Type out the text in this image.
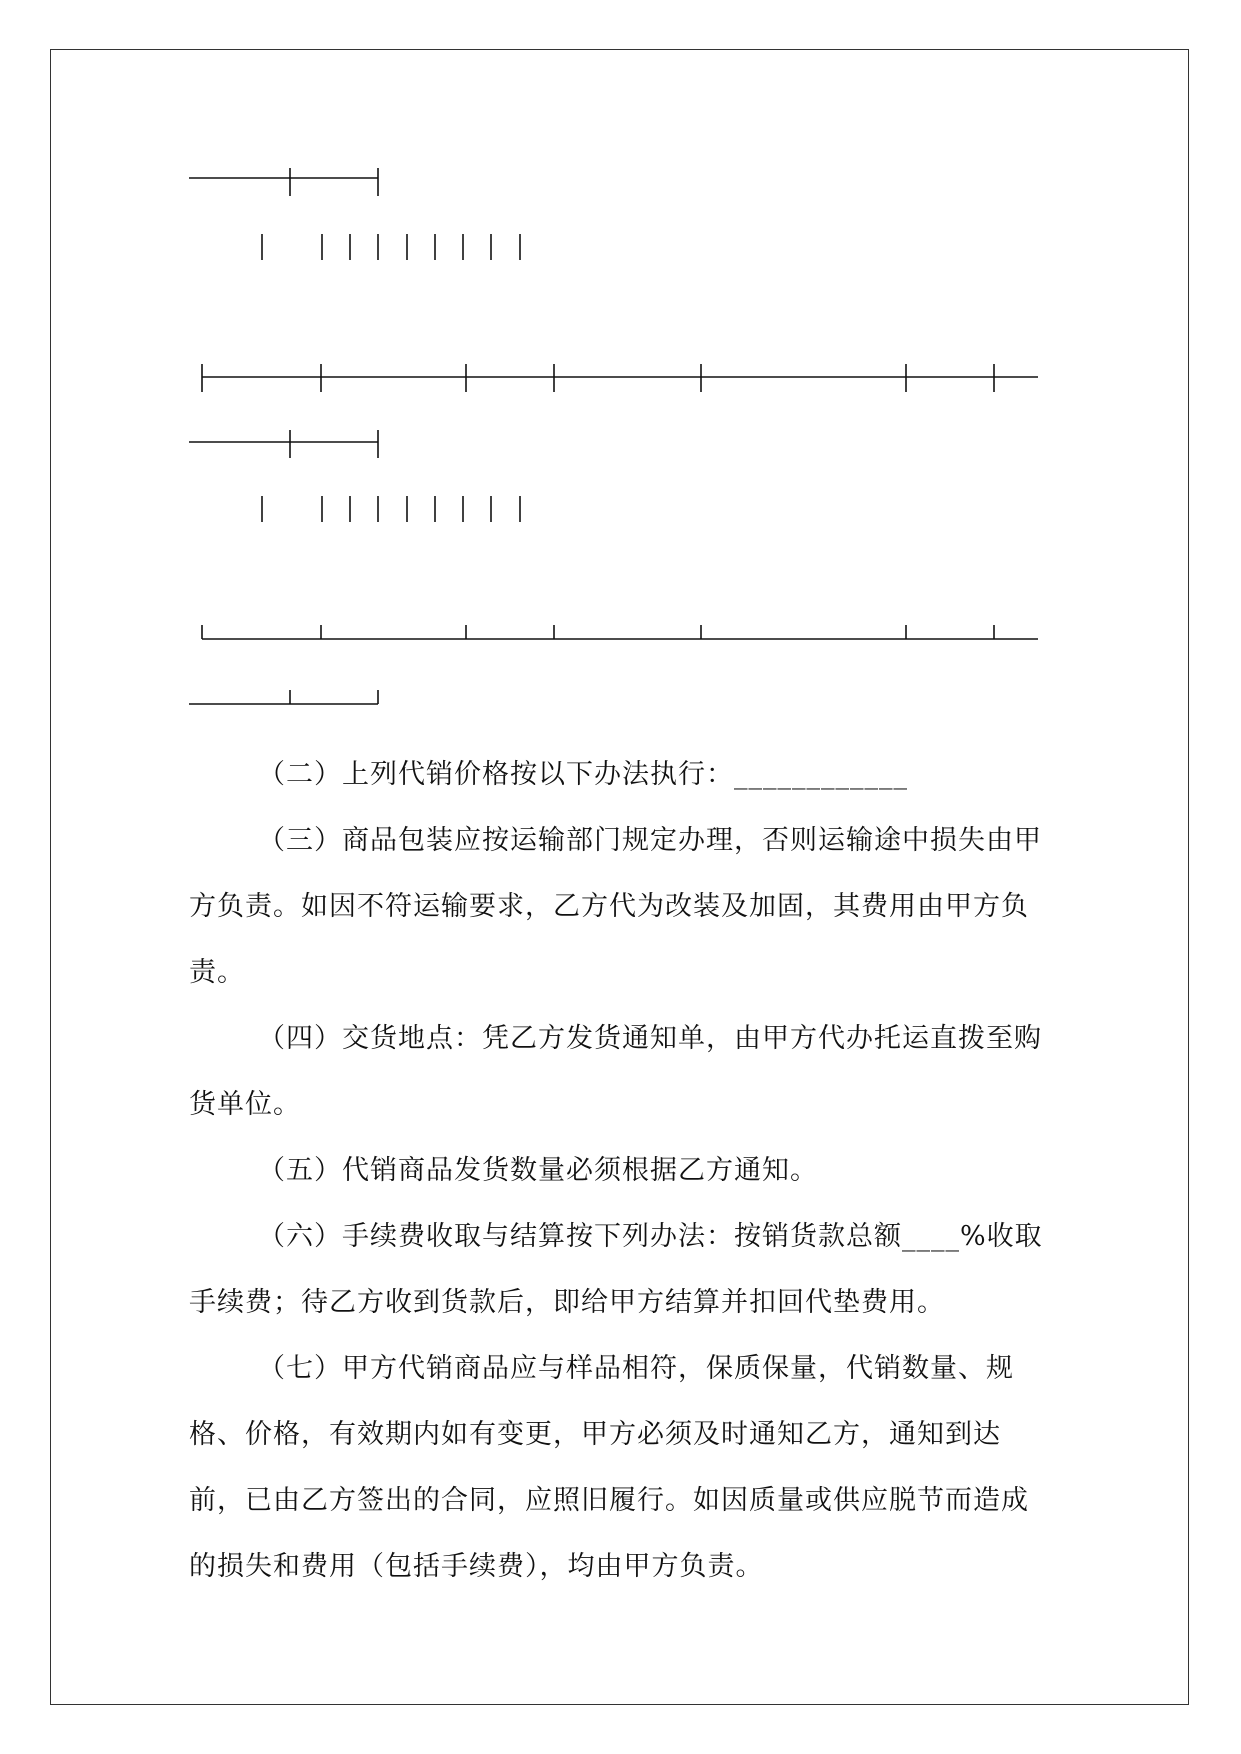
（二）上列代销价格按以下办法执行：____________

（三）商品包装应按运输部门规定办理，否则运输途中损失由甲方负责。如因不符运输要求，乙方代为改装及加固，其费用由甲方负责。

（四）交货地点：凭乙方发货通知单，由甲方代办托运直拨至购货单位。

（五）代销商品发货数量必须根据乙方通知。

（六）手续费收取与结算按下列办法：按销货款总额____%收取手续费；待乙方收到货款后，即给甲方结算并扣回代垫费用。

（七）甲方代销商品应与样品相符，保质保量，代销数量、规格、价格，有效期内如有变更，甲方必须及时通知乙方，通知到达前，已由乙方签出的合同，应照旧履行。如因质量或供应脱节而造成的损失和费用（包括手续费），均由甲方负责。
